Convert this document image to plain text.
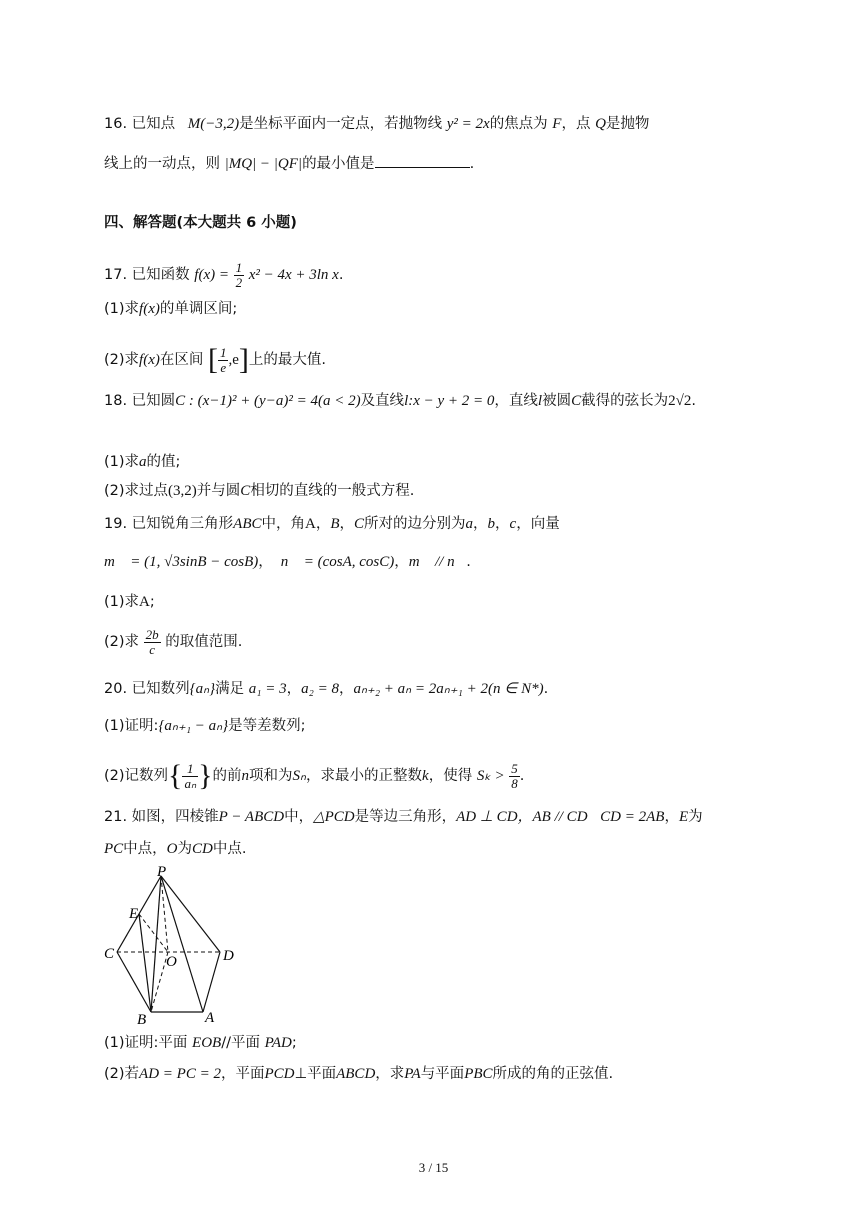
16. 已知点 M(−3,2)是坐标平面内一定点，若抛物线 y² = 2x的焦点为 F，点 Q是抛物
线上的一动点，则 |MQ| − |QF|的最小值是	.
四、解答题(本大题共 6 小题)
17. 已知函数 $f(x) = \frac{1}{2} x^2 - 4x + 3\ln$ x.
(1)求f(x)的单调区间;
(2)求f(x)在区间 [ $\frac{1}{e} ,e$]上的最大值.
18. 已知圆C : (x−1)² + (y−a)² = 4(a < 2)及直线l:x − y + 2 = 0，直线l被圆C截得的弦长为2√2.
(1)求a的值;
(2)求过点(3,2)并与圆C相切的直线的一般式方程.
19. 已知锐角三角形ABC中，角A，B，C所对的边分别为a，b，c，向量
m⃗ = (1, √3sinB − cosB)， n⃗ = (cosA, cosC)，m⃗ // n⃗.
(1)求A;
(2)求 $\frac{2b}{c}$ 的取值范围.
20. 已知数列{aₙ}满足 a₁ = 3，a₂ = 8，aₙ₊₂ + aₙ = 2aₙ₊₁ + 2(n ∈ N*).
(1)证明:{aₙ₊₁ − aₙ}是等差数列;
(2)记数列{ $\frac{1}{\text{aₙ}}$ }的前n项和为Sₙ，求最小的正整数k，使得 $S_k > \frac{5}{8}$ .
21. 如图，四棱锥P − ABCD中，△PCD是等边三角形，AD ⊥ CD，AB // CD CD = 2AB，E为
PC中点，O为CD中点.
P
E
C	O	D
B	A
(1)证明:平面 EOB//平面 PAD;
(2)若AD = PC = 2，平面PCD⊥平面ABCD，求PA与平面PBC所成的角的正弦值.
3 / 15
